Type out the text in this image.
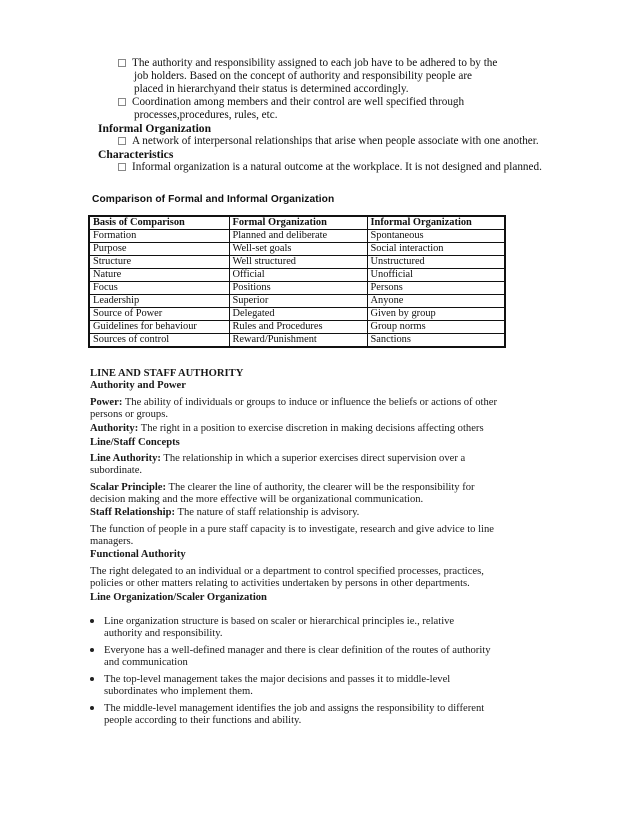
The authority and responsibility assigned to each job have to be adhered to by the
job holders. Based on the concept of authority and responsibility people are
placed in hierarchyand their status is determined accordingly.
Coordination among members and their control are well specified through
processes,procedures, rules, etc.
Informal Organization
A network of interpersonal relationships that arise when people associate with one another.
Characteristics
Informal organization is a natural outcome at the workplace. It is not designed and planned.
Comparison of Formal and Informal Organization
Basis of Comparison	Formal Organization	Informal Organization
Formation	Planned and deliberate	Spontaneous
Purpose	Well-set goals	Social interaction
Structure	Well structured	Unstructured
Nature	Official	Unofficial
Focus	Positions	Persons
Leadership	Superior	Anyone
Source of Power	Delegated	Given by group
Guidelines for behaviour	Rules and Procedures	Group norms
Sources of control	Reward/Punishment	Sanctions
LINE AND STAFF AUTHORITY
Authority and Power
Power: The ability of individuals or groups to induce or influence the beliefs or actions of other
persons or groups.
Authority: The right in a position to exercise discretion in making decisions affecting others
Line/Staff Concepts
Line Authority: The relationship in which a superior exercises direct supervision over a
subordinate.
Scalar Principle: The clearer the line of authority, the clearer will be the responsibility for
decision making and the more effective will be organizational communication.
Staff Relationship: The nature of staff relationship is advisory.
The function of people in a pure staff capacity is to investigate, research and give advice to line
managers.
Functional Authority
The right delegated to an individual or a department to control specified processes, practices,
policies or other matters relating to activities undertaken by persons in other departments.
Line Organization/Scaler Organization
Line organization structure is based on scaler or hierarchical principles ie., relative
authority and responsibility.
Everyone has a well-defined manager and there is clear definition of the routes of authority
and communication
The top-level management takes the major decisions and passes it to middle-level
subordinates who implement them.
The middle-level management identifies the job and assigns the responsibility to different
people according to their functions and ability.
